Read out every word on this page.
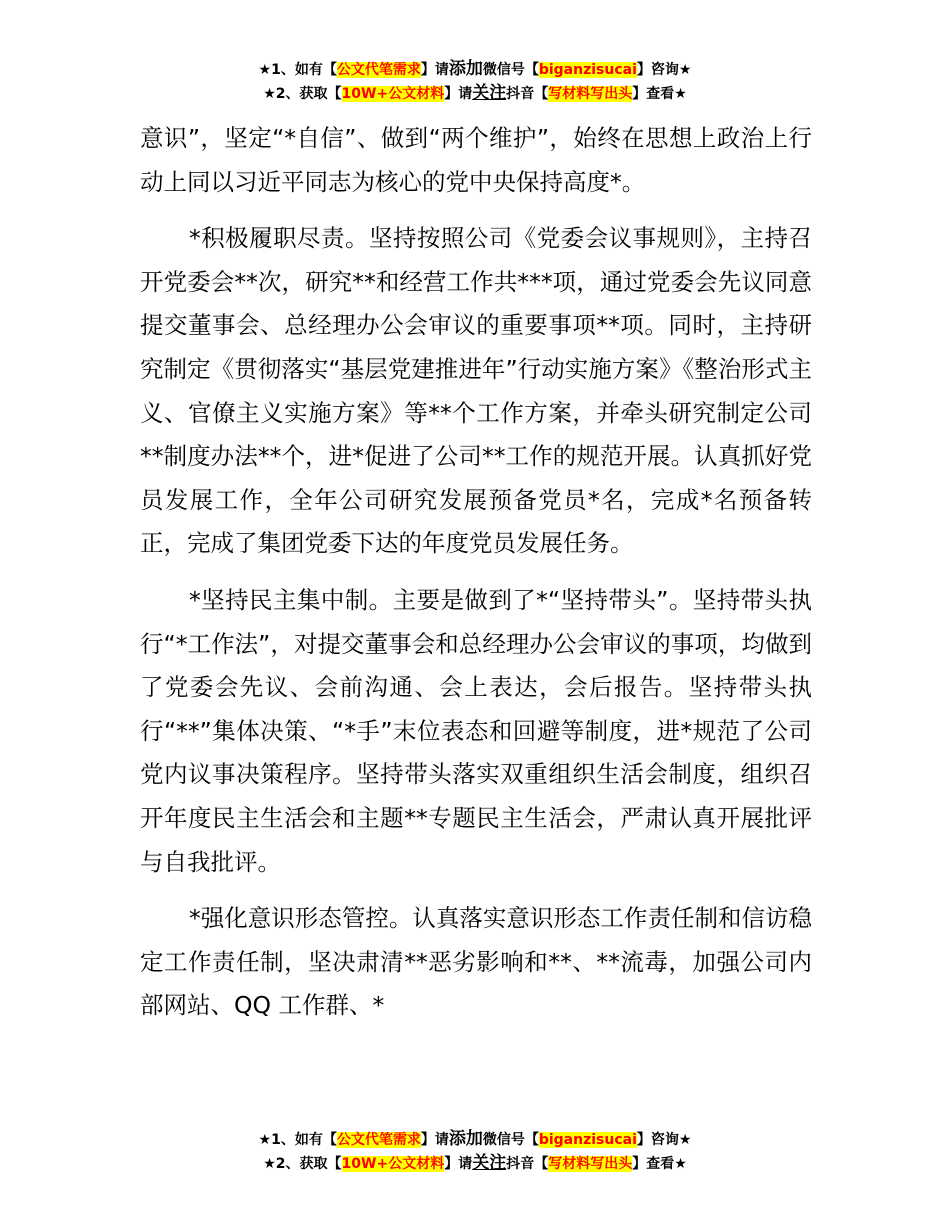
★1、如有【公文代笔需求】请添加微信号【biganzisucai】咨询★
★2、获取【10W+公文材料】请关注抖音【写材料写出头】查看★

意识”，坚定“*自信”、做到“两个维护”，始终在思想上政治上行动上同以习近平同志为核心的党中央保持高度*。

*积极履职尽责。坚持按照公司《党委会议事规则》，主持召开党委会**次，研究**和经营工作共***项，通过党委会先议同意提交董事会、总经理办公会审议的重要事项**项。同时，主持研究制定《贯彻落实“基层党建推进年”行动实施方案》《整治形式主义、官僚主义实施方案》等**个工作方案，并牵头研究制定公司**制度办法**个，进*促进了公司**工作的规范开展。认真抓好党员发展工作，全年公司研究发展预备党员*名，完成*名预备转正，完成了集团党委下达的年度党员发展任务。

*坚持民主集中制。主要是做到了*“坚持带头”。坚持带头执行“*工作法”，对提交董事会和总经理办公会审议的事项，均做到了党委会先议、会前沟通、会上表达，会后报告。坚持带头执行“**”集体决策、“*手”末位表态和回避等制度，进*规范了公司党内议事决策程序。坚持带头落实双重组织生活会制度，组织召开年度民主生活会和主题**专题民主生活会，严肃认真开展批评与自我批评。

*强化意识形态管控。认真落实意识形态工作责任制和信访稳定工作责任制，坚决肃清**恶劣影响和**、**流毒，加强公司内部网站、QQ 工作群、*

★1、如有【公文代笔需求】请添加微信号【biganzisucai】咨询★
★2、获取【10W+公文材料】请关注抖音【写材料写出头】查看★
